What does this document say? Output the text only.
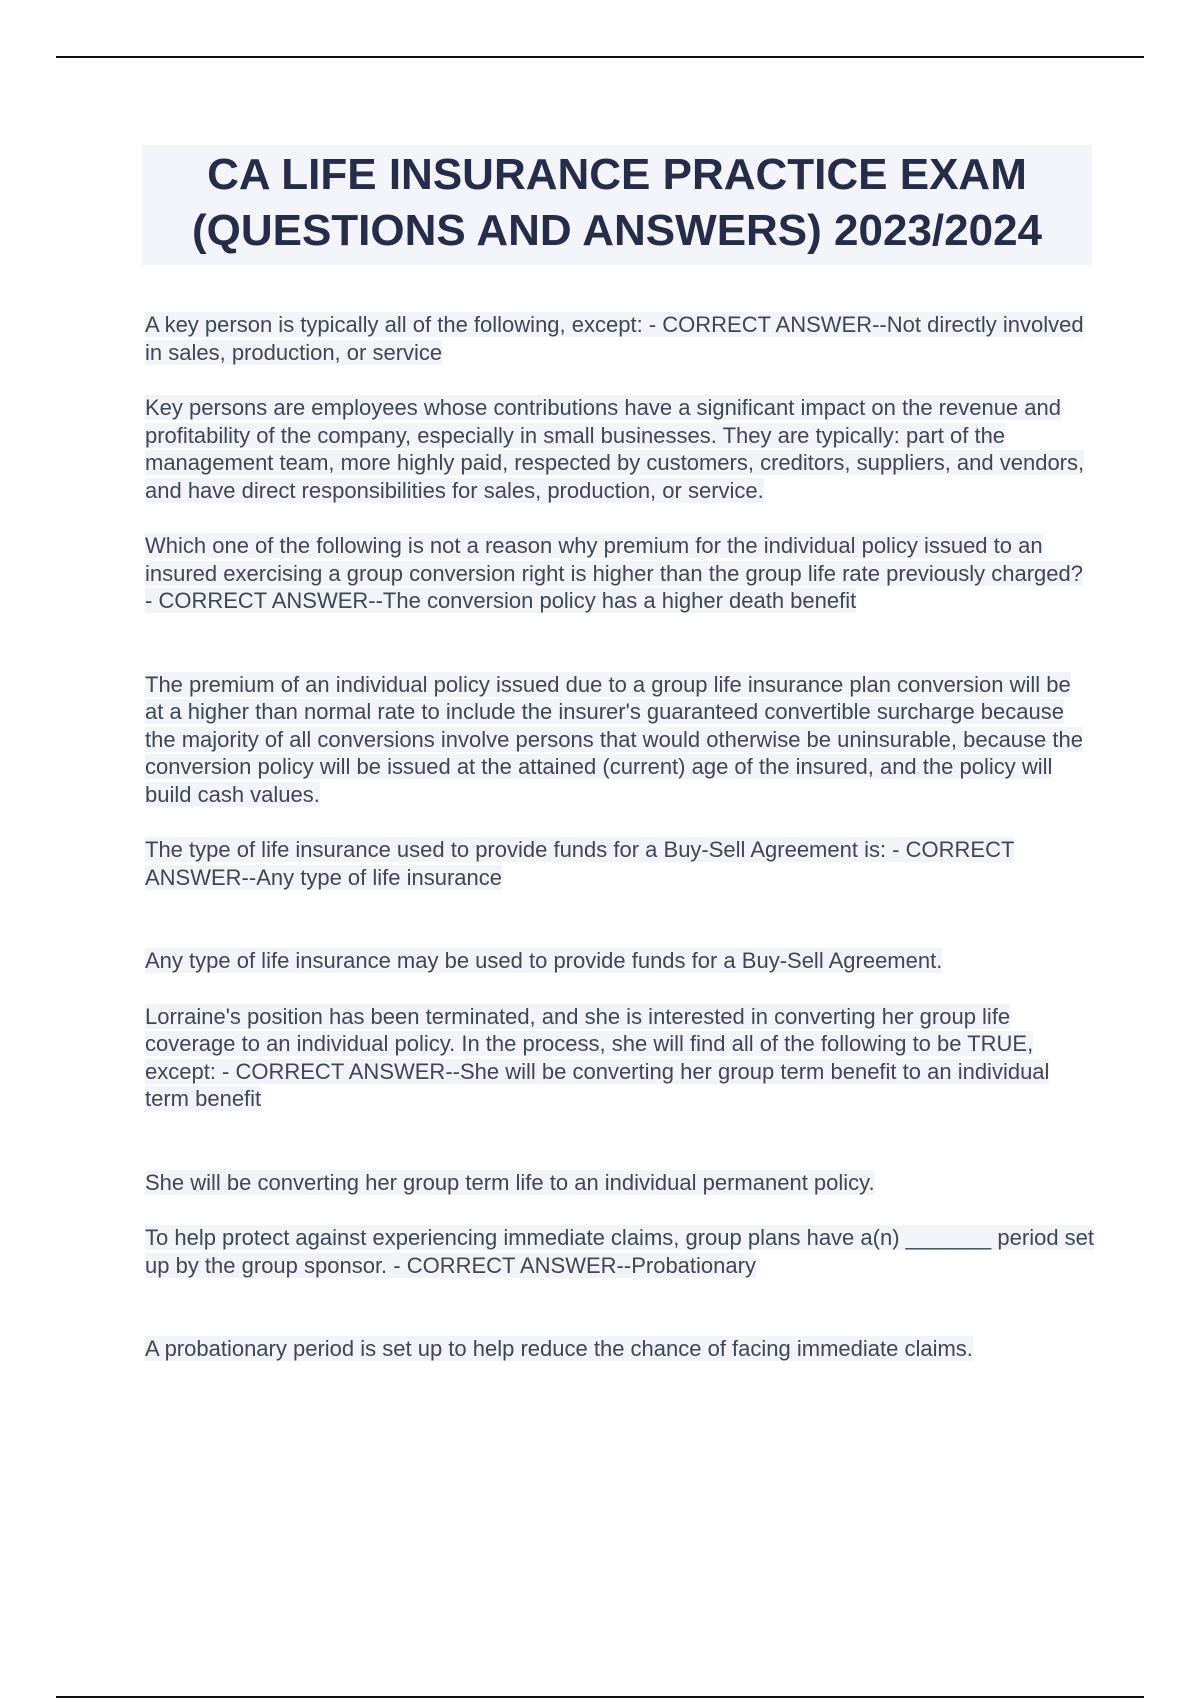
CA LIFE INSURANCE PRACTICE EXAM
(QUESTIONS AND ANSWERS) 2023/2024

A key person is typically all of the following, except: - CORRECT ANSWER--Not directly involved in sales, production, or service

Key persons are employees whose contributions have a significant impact on the revenue and profitability of the company, especially in small businesses. They are typically: part of the management team, more highly paid, respected by customers, creditors, suppliers, and vendors, and have direct responsibilities for sales, production, or service.

Which one of the following is not a reason why premium for the individual policy issued to an insured exercising a group conversion right is higher than the group life rate previously charged? - CORRECT ANSWER--The conversion policy has a higher death benefit

The premium of an individual policy issued due to a group life insurance plan conversion will be at a higher than normal rate to include the insurer's guaranteed convertible surcharge because the majority of all conversions involve persons that would otherwise be uninsurable, because the conversion policy will be issued at the attained (current) age of the insured, and the policy will build cash values.

The type of life insurance used to provide funds for a Buy-Sell Agreement is: - CORRECT ANSWER--Any type of life insurance

Any type of life insurance may be used to provide funds for a Buy-Sell Agreement.

Lorraine's position has been terminated, and she is interested in converting her group life coverage to an individual policy. In the process, she will find all of the following to be TRUE, except: - CORRECT ANSWER--She will be converting her group term benefit to an individual term benefit

She will be converting her group term life to an individual permanent policy.

To help protect against experiencing immediate claims, group plans have a(n) _______ period set up by the group sponsor. - CORRECT ANSWER--Probationary

A probationary period is set up to help reduce the chance of facing immediate claims.
